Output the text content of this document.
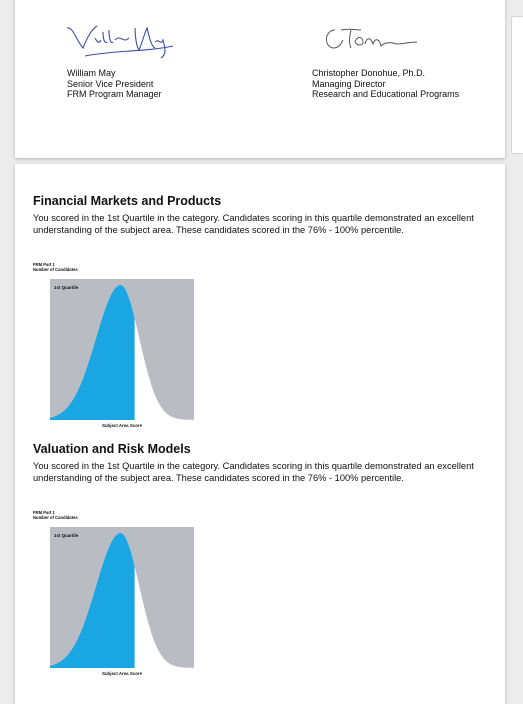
William May
Senior Vice President
FRM Program Manager
Christopher Donohue, Ph.D.
Managing Director
Research and Educational Programs
Financial Markets and Products
You scored in the 1st Quartile in the category. Candidates scoring in this quartile demonstrated an excellent understanding of the subject area. These candidates scored in the 76% - 100% percentile.
FRM Part 1
Number of Candidates
1st Quartile
Subject Area Score
Valuation and Risk Models
You scored in the 1st Quartile in the category. Candidates scoring in this quartile demonstrated an excellent understanding of the subject area. These candidates scored in the 76% - 100% percentile.
FRM Part 1
Number of Candidates
1st Quartile
Subject Area Score
